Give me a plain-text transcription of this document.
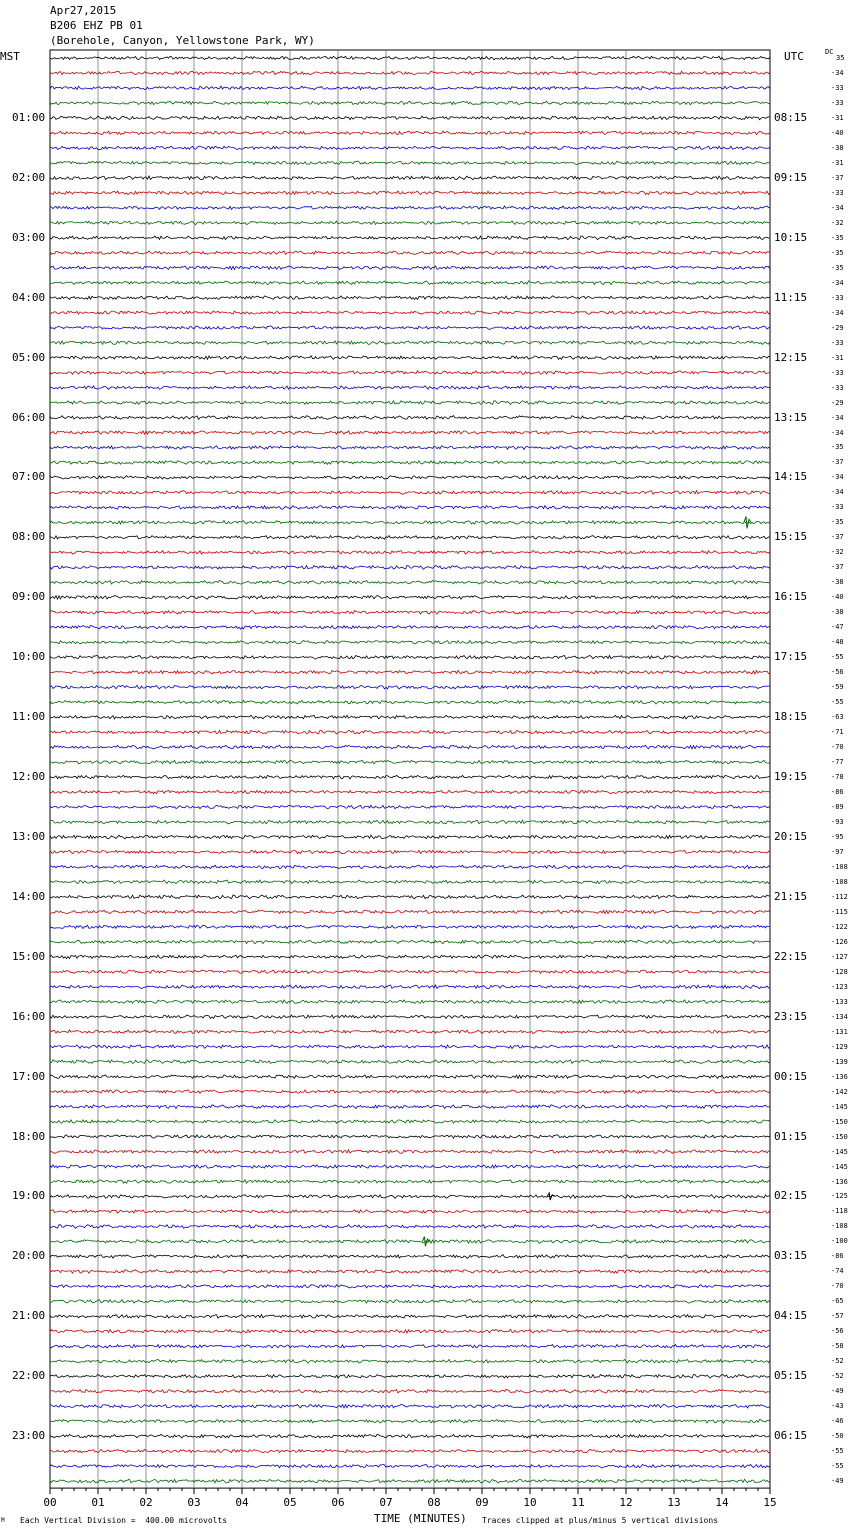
00	01	02	03	04	05	06	07	08	09	10	11	12	13	14	15
Apr27,2015
B206 EHZ PB 01
(Borehole, Canyon, Yellowstone Park, WY)
MST	UTC	DC
01:00
02:00
03:00
04:00
05:00
06:00
07:00
08:00
09:00
10:00
11:00
12:00
13:00
14:00
15:00
16:00
17:00
18:00
19:00
20:00
21:00
22:00
23:00
08:15
09:15
10:15
11:15
12:15
13:15
14:15
15:15
16:15
17:15
18:15
19:15
20:15
21:15
22:15
23:15
00:15
01:15
02:15
03:15
04:15
05:15
06:15
35
-34
-33
-33
-31
-40
-38
-31
-37
-33
-34
-32
-35
-35
-35
-34
-33
-34
-29
-33
-31
-33
-33
-29
-34
-34
-35
-37
-34
-34
-33
-35
-37
-32
-37
-38
-40
-38
-47
-48
-55
-56
-59
-55
-63
-71
-70
-77
-78
-86
-89
-93
-95
-97
-108
-108
-112
-115
-122
-126
-127
-128
-123
-133
-134
-131
-129
-139
-136
-142
-145
-150
-150
-145
-145
-136
-125
-118
-108
-100
-86
-74
-70
-65
-57
-56
-58
-52
-52
-49
-43
-46
-50
-55
-55
-49
M Each Vertical Division =  400.00 microvolts	TIME (MINUTES) Traces clipped at plus/minus 5 vertical divisions
